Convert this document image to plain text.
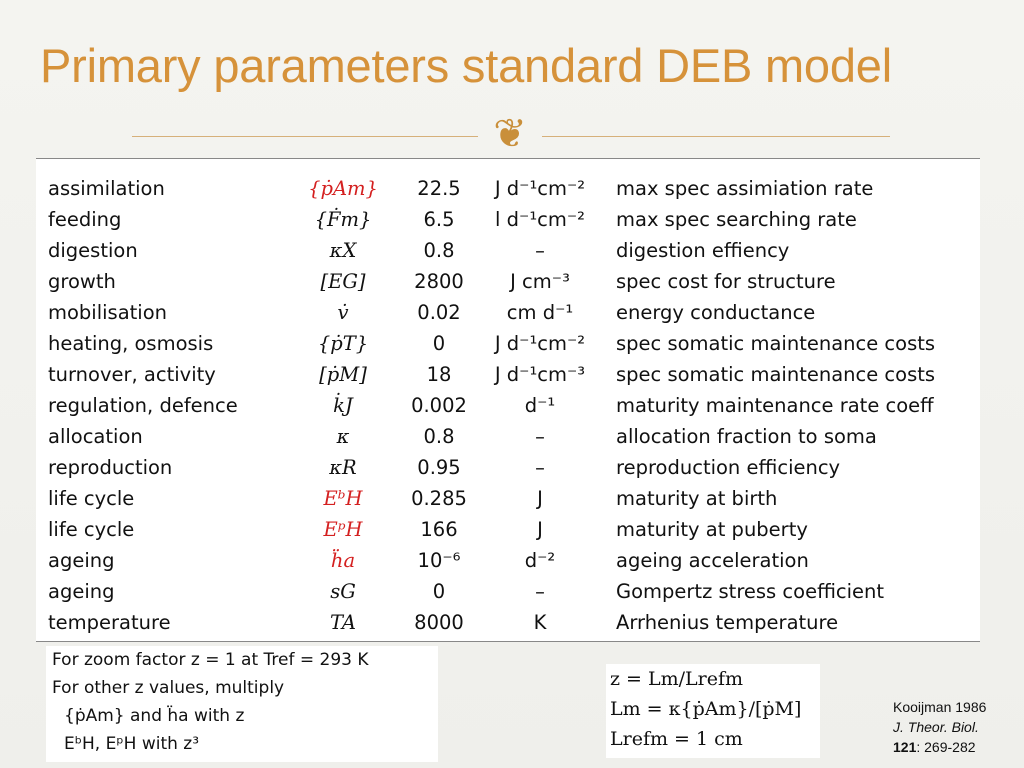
Primary parameters standard DEB model
❦
assimilation	{ṗAm}	22.5	J d⁻¹cm⁻²	max spec assimiation rate
feeding	{Ḟm}	6.5	l d⁻¹cm⁻²	max spec searching rate
digestion	κX	0.8	–	digestion effiency
growth	[EG]	2800	J cm⁻³	spec cost for structure
mobilisation	v̇	0.02	cm d⁻¹	energy conductance
heating, osmosis	{ṗT}	0	J d⁻¹cm⁻²	spec somatic maintenance costs
turnover, activity	[ṗM]	18	J d⁻¹cm⁻³	spec somatic maintenance costs
regulation, defence	k̇J	0.002	d⁻¹	maturity maintenance rate coeff
allocation	κ	0.8	–	allocation fraction to soma
reproduction	κR	0.95	–	reproduction efficiency
life cycle	EᵇH	0.285	J	maturity at birth
life cycle	EᵖH	166	J	maturity at puberty
ageing	ḧa	10⁻⁶	d⁻²	ageing acceleration
ageing	sG	0	–	Gompertz stress coefficient
temperature	TA	8000	K	Arrhenius temperature
For zoom factor z = 1 at Tref = 293 K
For other z values, multiply
{ṗAm} and ḧa with z
EᵇH, EᵖH with z³
z = Lm/Lrefm
Lm = κ{ṗAm}/[ṗM]
Lrefm = 1 cm
Kooijman 1986
J. Theor. Biol.
121: 269-282
